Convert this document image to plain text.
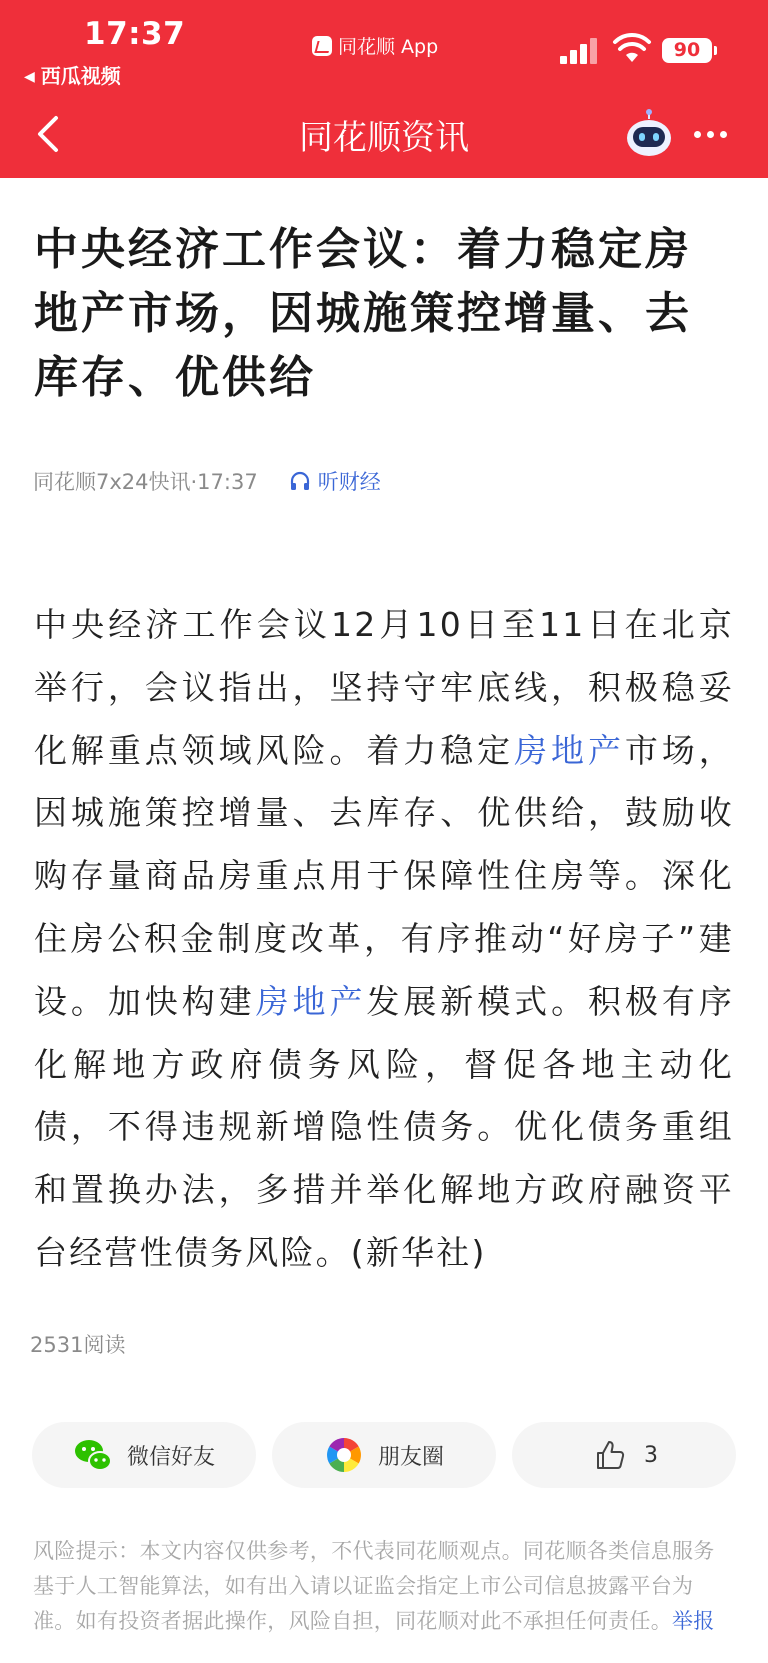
17:37
◀ 西瓜视频
同花顺 App	90
同花顺资讯
中央经济工作会议：着力稳定房地产市场，因城施策控增量、去库存、优供给
同花顺7x24快讯·17:37	听财经
中央经济工作会议12月10日至11日在北京举行，会议指出，坚持守牢底线，积极稳妥化解重点领域风险。着力稳定房地产市场，因城施策控增量、去库存、优供给，鼓励收购存量商品房重点用于保障性住房等。深化住房公积金制度改革，有序推动“好房子”建设。加快构建房地产发展新模式。积极有序化解地方政府债务风险，督促各地主动化债，不得违规新增隐性债务。优化债务重组和置换办法，多措并举化解地方政府融资平台经营性债务风险。(新华社)
2531阅读
微信好友	朋友圈	3
风险提示：本文内容仅供参考，不代表同花顺观点。同花顺各类信息服务基于人工智能算法，如有出入请以证监会指定上市公司信息披露平台为准。如有投资者据此操作，风险自担，同花顺对此不承担任何责任。举报
